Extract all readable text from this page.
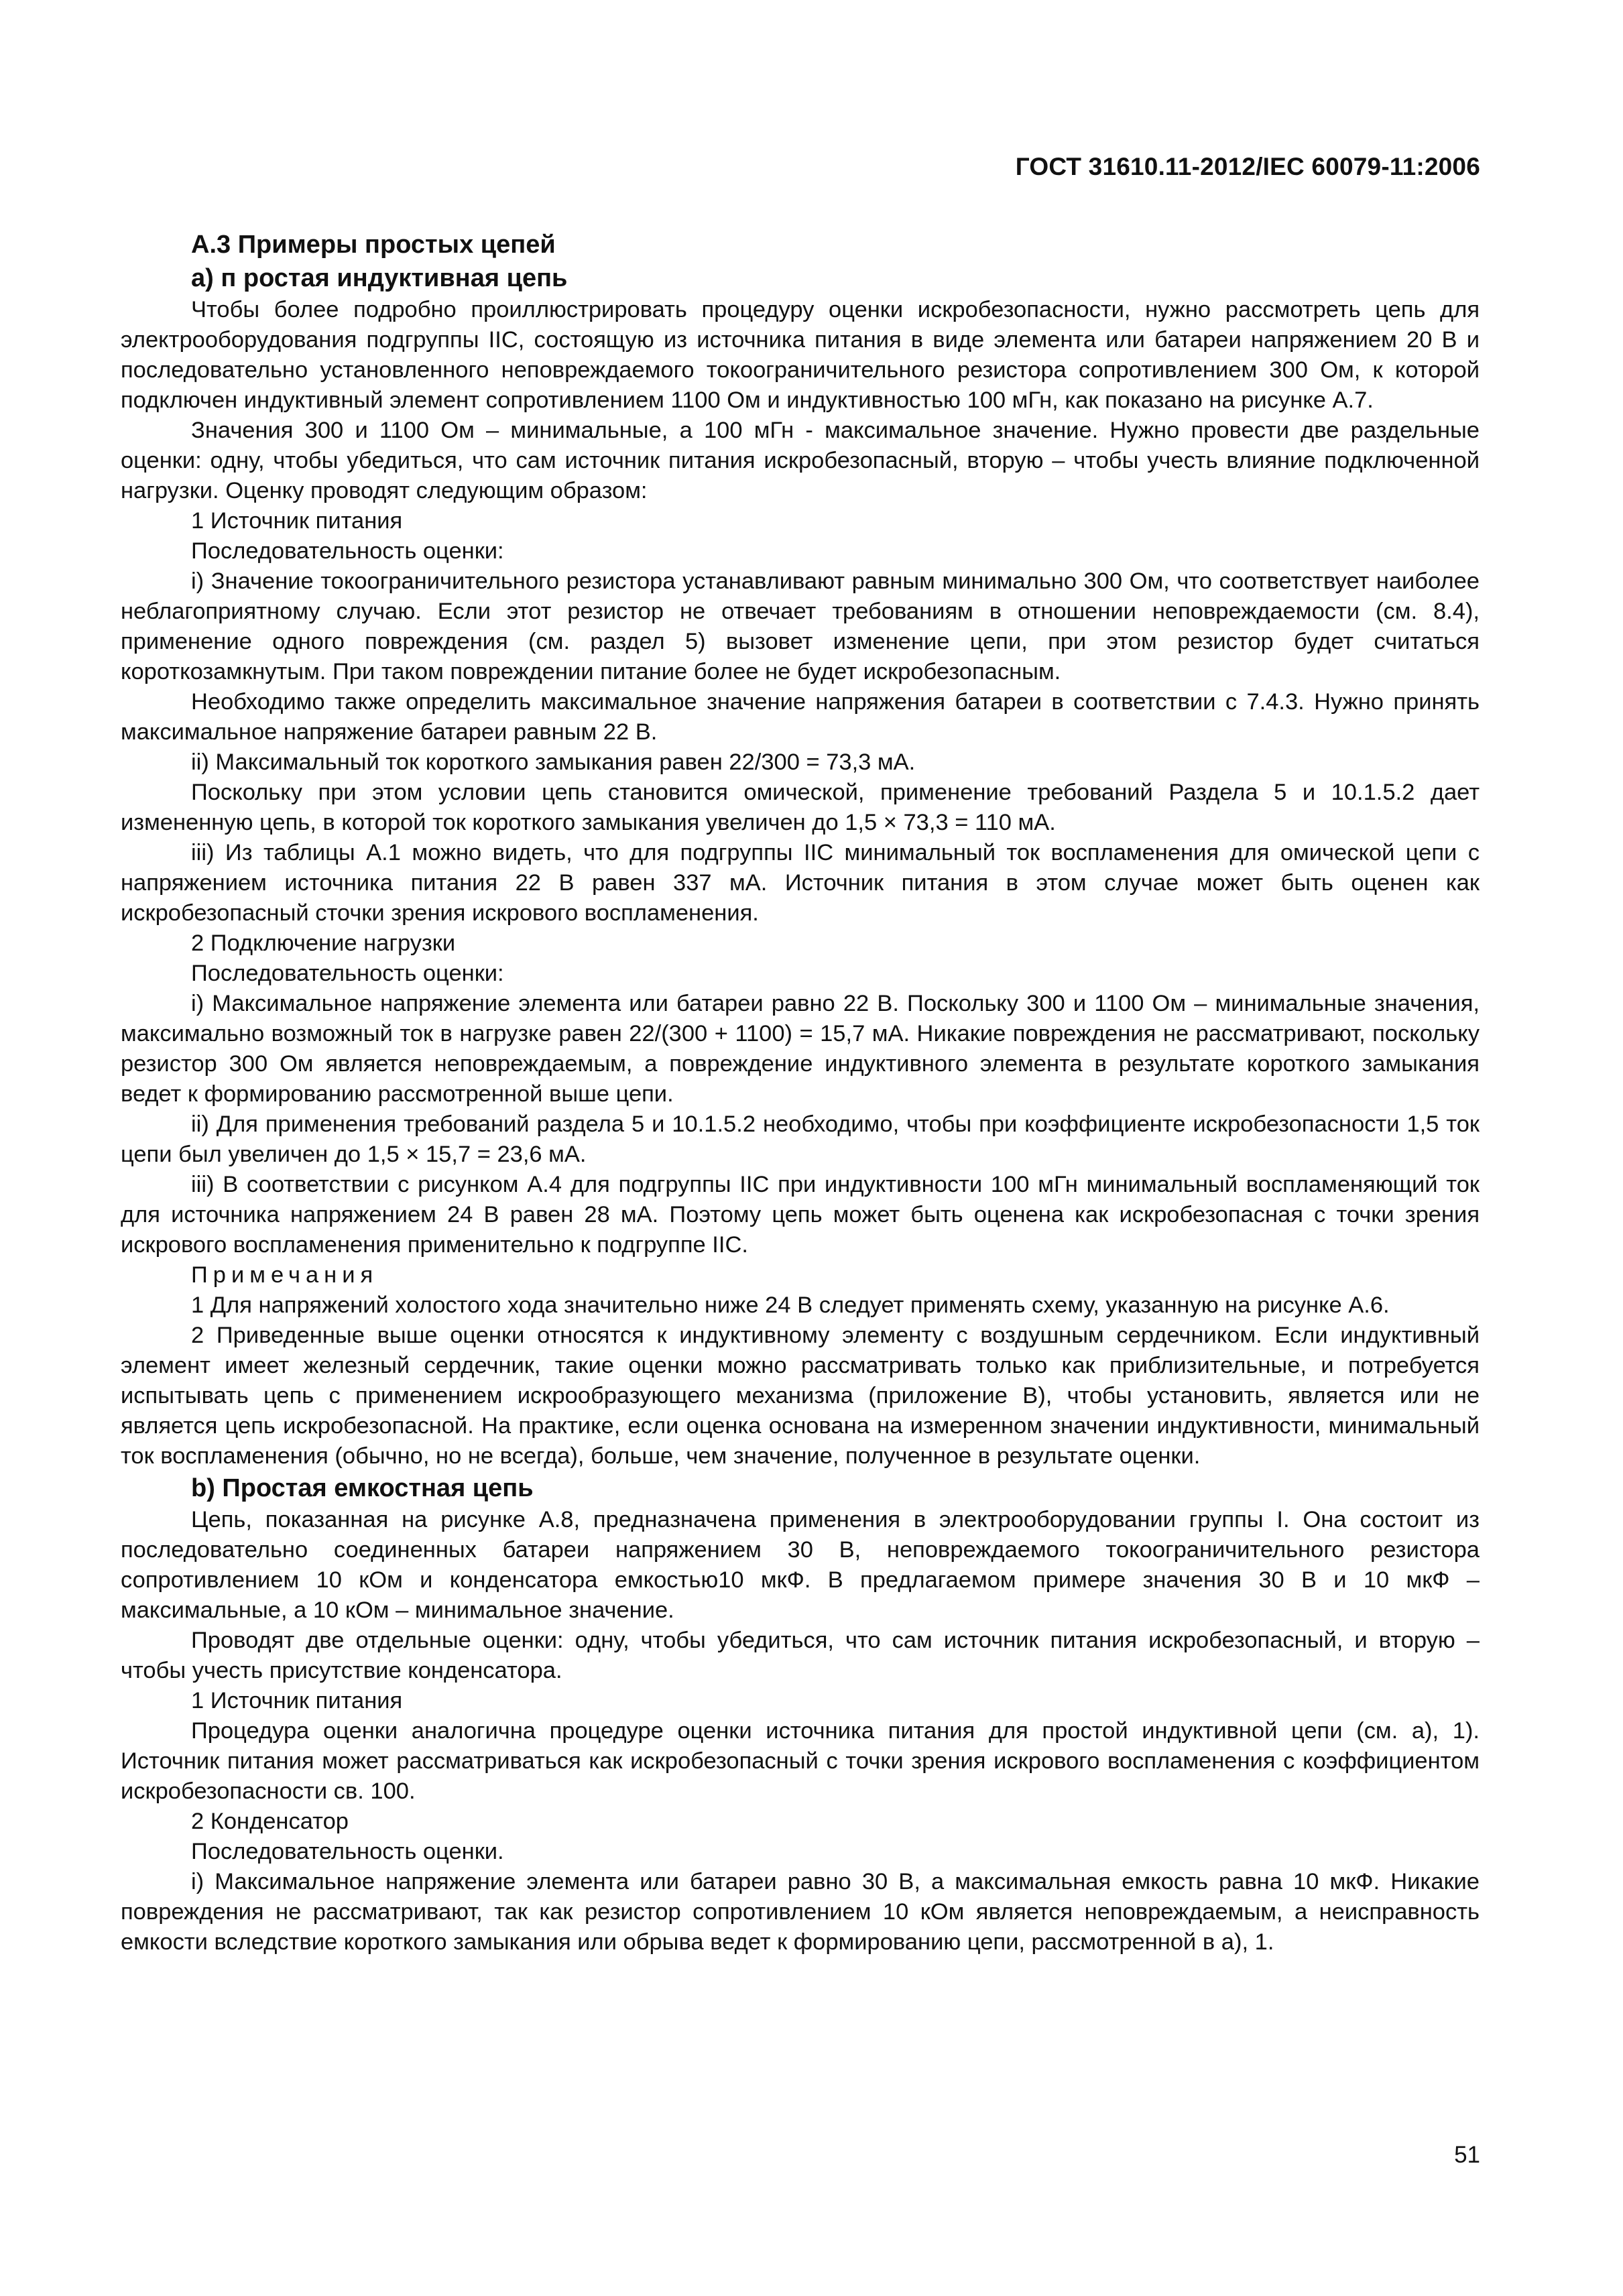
ГОСТ 31610.11-2012/IEC 60079-11:2006

А.3 Примеры простых цепей

а) п ростая индуктивная цепь

Чтобы более подробно проиллюстрировать процедуру оценки искробезопасности, нужно рассмотреть цепь для электрооборудования подгруппы IIC, состоящую из источника питания в виде элемента или батареи напряжением 20 В и последовательно установленного неповреждаемого токоограничительного резистора сопротивлением 300 Ом, к которой подключен индуктивный элемент сопротивлением 1100 Ом и индуктивностью 100 мГн, как показано на рисунке А.7.

Значения 300 и 1100 Ом – минимальные, а 100 мГн - максимальное значение. Нужно провести две раздельные оценки: одну, чтобы убедиться, что сам источник питания искробезопасный, вторую – чтобы учесть влияние подключенной нагрузки. Оценку проводят следующим образом:

1 Источник питания

Последовательность оценки:

i) Значение токоограничительного резистора устанавливают равным минимально 300 Ом, что соответствует наиболее неблагоприятному случаю. Если этот резистор не отвечает требованиям в отношении неповреждаемости (см. 8.4), применение одного повреждения (см. раздел 5) вызовет изменение цепи, при этом резистор будет считаться короткозамкнутым. При таком повреждении питание более не будет искробезопасным.

Необходимо также определить максимальное значение напряжения батареи в соответствии с 7.4.3. Нужно принять максимальное напряжение батареи равным 22 В.

ii) Максимальный ток короткого замыкания равен 22/300 = 73,3 мА.

Поскольку при этом условии цепь становится омической, применение требований Раздела 5 и 10.1.5.2 дает измененную цепь, в которой ток короткого замыкания увеличен до 1,5 × 73,3 = 110 мА.

iii) Из таблицы А.1 можно видеть, что для подгруппы IIC минимальный ток воспламенения для омической цепи с напряжением источника питания 22 В равен 337 мА. Источник питания в этом случае может быть оценен как искробезопасный сточки зрения искрового воспламенения.

2 Подключение нагрузки

Последовательность оценки:

i) Максимальное напряжение элемента или батареи равно 22 В. Поскольку 300 и 1100 Ом – минимальные значения, максимально возможный ток в нагрузке равен 22/(300 + 1100) = 15,7 мА. Никакие повреждения не рассматривают, поскольку резистор 300 Ом является неповреждаемым, а повреждение индуктивного элемента в результате короткого замыкания ведет к формированию рассмотренной выше цепи.

ii) Для применения требований раздела 5 и 10.1.5.2 необходимо, чтобы при коэффициенте искробезопасности 1,5 ток цепи был увеличен до 1,5 × 15,7 = 23,6 мА.

iii) В соответствии с рисунком А.4 для подгруппы IIC при индуктивности 100 мГн минимальный воспламеняющий ток для источника напряжением 24 В равен 28 мА. Поэтому цепь может быть оценена как искробезопасная с точки зрения искрового воспламенения применительно к подгруппе IIC.

Примечания

1 Для напряжений холостого хода значительно ниже 24 В следует применять схему, указанную на рисунке А.6.

2 Приведенные выше оценки относятся к индуктивному элементу с воздушным сердечником. Если индуктивный элемент имеет железный сердечник, такие оценки можно рассматривать только как приблизительные, и потребуется испытывать цепь с применением искрообразующего механизма (приложение В), чтобы установить, является или не является цепь искробезопасной. На практике, если оценка основана на измеренном значении индуктивности, минимальный ток воспламенения (обычно, но не всегда), больше, чем значение, полученное в результате оценки.

b) Простая емкостная цепь

Цепь, показанная на рисунке А.8, предназначена применения в электрооборудовании группы I. Она состоит из последовательно соединенных батареи напряжением 30 В, неповреждаемого токоограничительного резистора сопротивлением 10 кОм и конденсатора емкостью10 мкФ. В предлагаемом примере значения 30 В и 10 мкФ – максимальные, а 10 кОм – минимальное значение.

Проводят две отдельные оценки: одну, чтобы убедиться, что сам источник питания искробезопасный, и вторую – чтобы учесть присутствие конденсатора.

1 Источник питания

Процедура оценки аналогична процедуре оценки источника питания для простой индуктивной цепи (см. а), 1). Источник питания может рассматриваться как искробезопасный с точки зрения искрового воспламенения с коэффициентом искробезопасности св. 100.

2 Конденсатор

Последовательность оценки.

i) Максимальное напряжение элемента или батареи равно 30 В, а максимальная емкость равна 10 мкФ. Никакие повреждения не рассматривают, так как резистор сопротивлением 10 кОм является неповреждаемым, а неисправность емкости вследствие короткого замыкания или обрыва ведет к формированию цепи, рассмотренной в а), 1.

51
